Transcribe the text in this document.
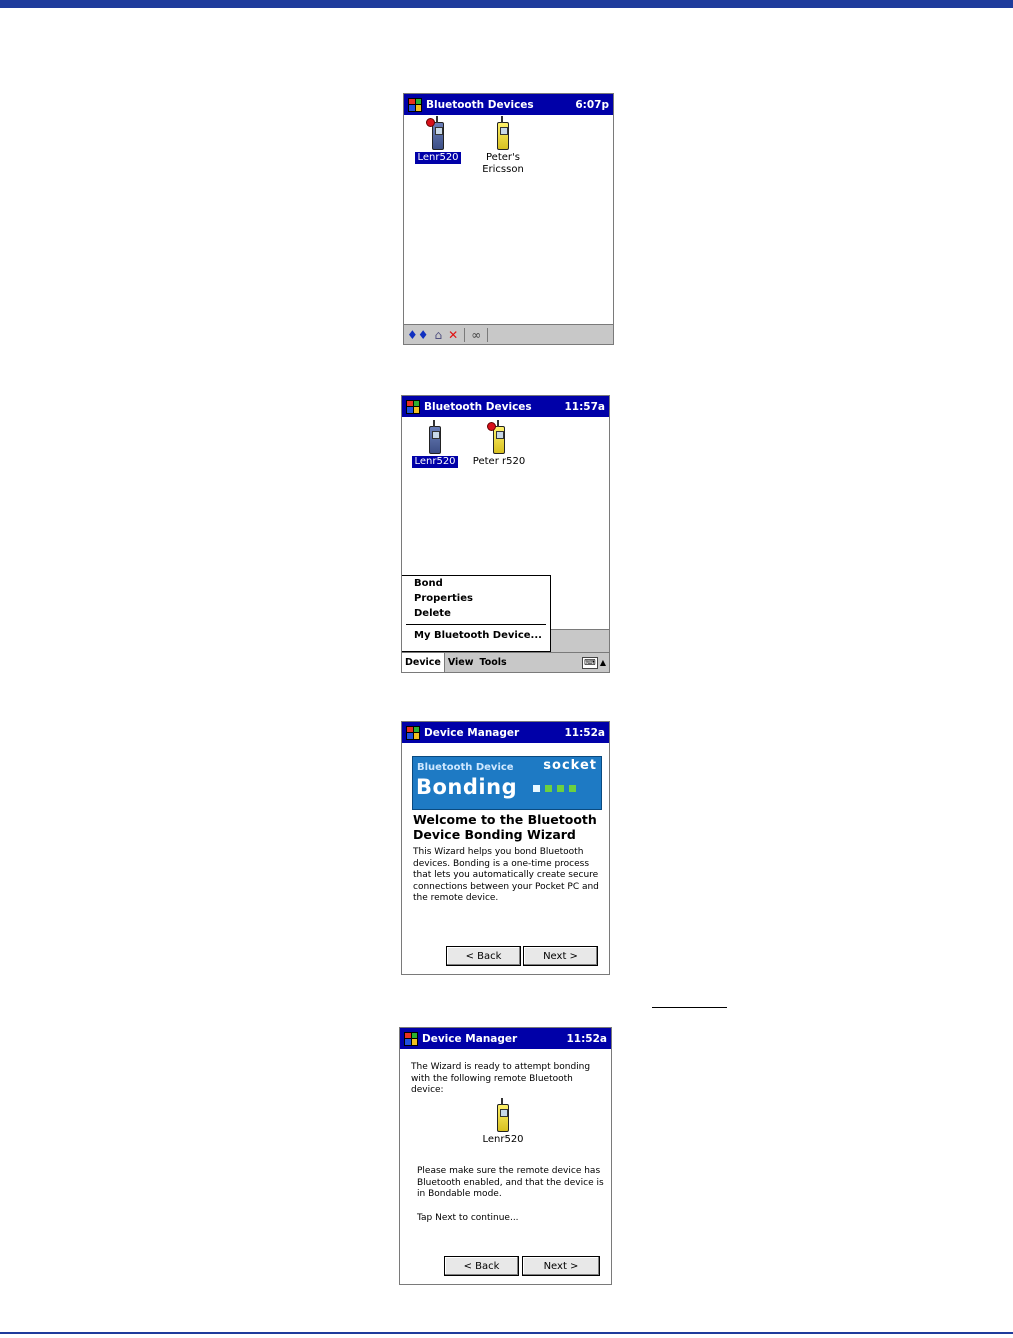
Bluetooth Devices	6:07p
Lenr520	Peter's
Ericsson
♦♦ ⌂ ✕ ∞
Bluetooth Devices	11:57a
Lenr520	Peter r520
Bond
Properties
Delete
My Bluetooth Device...
Device View Tools	⌨ ▲
Device Manager	11:52a
Bluetooth Device
Bonding
socket
Welcome to the Bluetooth Device Bonding Wizard
This Wizard helps you bond Bluetooth devices. Bonding is a one-time process that lets you automatically create secure connections between your Pocket PC and the remote device.
< Back	Next >
Device Manager	11:52a
The Wizard is ready to attempt bonding with the following remote Bluetooth device:
Lenr520
Please make sure the remote device has Bluetooth enabled, and that the device is in Bondable mode.
Tap Next to continue...
< Back	Next >
